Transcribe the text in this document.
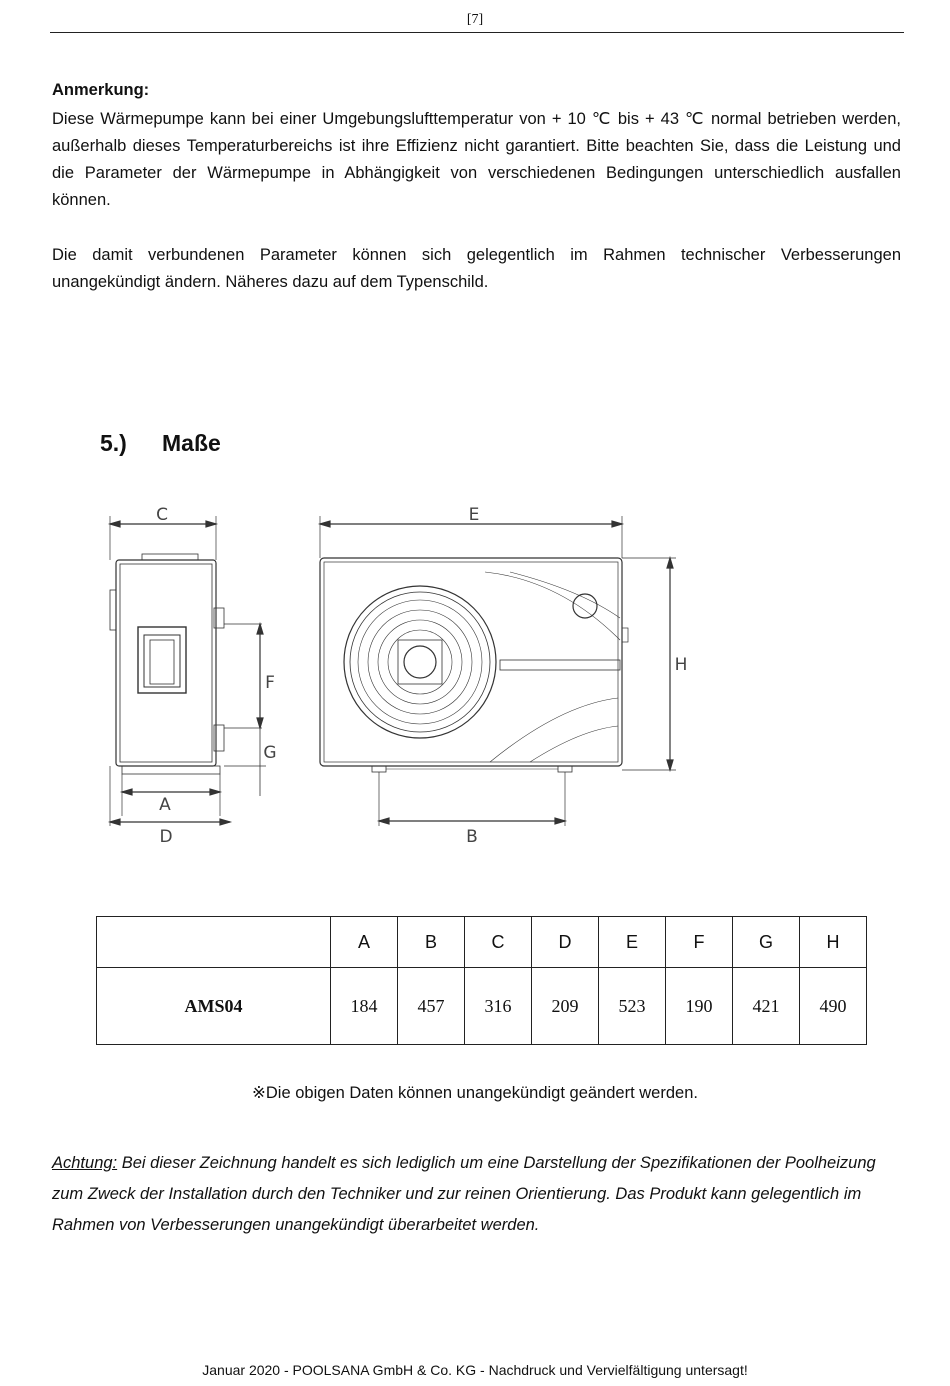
[7]
Anmerkung:
Diese Wärmepumpe kann bei einer Umgebungslufttemperatur von + 10 ℃ bis + 43 ℃ normal betrieben werden, außerhalb dieses Temperaturbereichs ist ihre Effizienz nicht garantiert. Bitte beachten Sie, dass die Leistung und die Parameter der Wärmepumpe in Abhängigkeit von verschiedenen Bedingungen unterschiedlich ausfallen können.
Die damit verbundenen Parameter können sich gelegentlich im Rahmen technischer Verbesserungen unangekündigt ändern. Näheres dazu auf dem Typenschild.
5.) Maße
C	E
F
G
H
A
D	B
	A	B	C	D	E	F	G	H
AMS04	184	457	316	209	523	190	421	490
※Die obigen Daten können unangekündigt geändert werden.
Achtung: Bei dieser Zeichnung handelt es sich lediglich um eine Darstellung der Spezifikationen der Poolheizung zum Zweck der Installation durch den Techniker und zur reinen Orientierung. Das Produkt kann gelegentlich im Rahmen von Verbesserungen unangekündigt überarbeitet werden.
Januar 2020 - POOLSANA GmbH & Co. KG - Nachdruck und Vervielfältigung untersagt!
